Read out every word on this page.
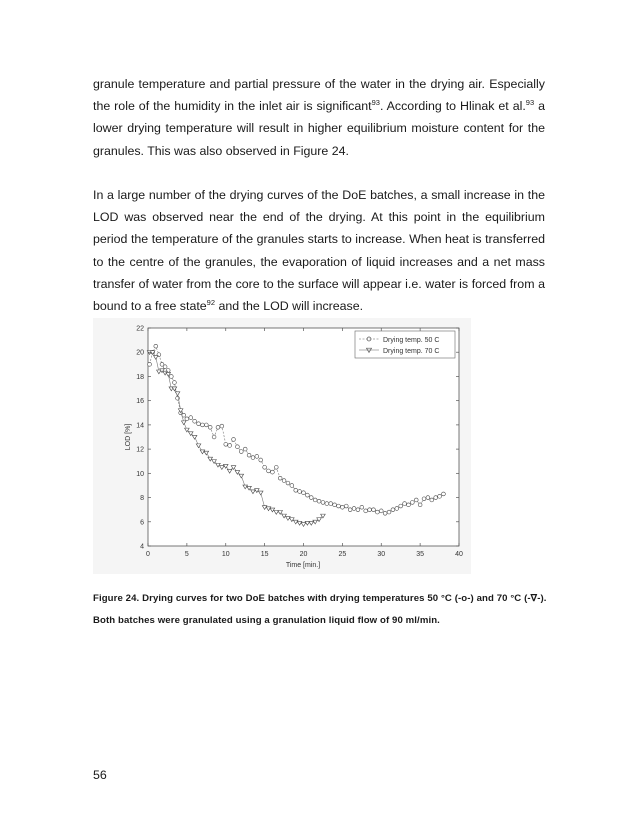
granule temperature and partial pressure of the water in the drying air. Especially the role of the humidity in the inlet air is significant$^{93}$. According to Hlinak et al.$^{93}$ a lower drying temperature will result in higher equilibrium moisture content for the granules. This was also observed in Figure 24.

In a large number of the drying curves of the DoE batches, a small increase in the LOD was observed near the end of the drying. At this point in the equilibrium period the temperature of the granules starts to increase. When heat is transferred to the centre of the granules, the evaporation of liquid increases and a net mass transfer of water from the core to the surface will appear i.e. water is forced from a bound to a free state$^{92}$ and the LOD will increase.

0	5	10	15	20	25	30	35	40
4
6
8
10
12
14
16
18
20
22
Drying temp. 50 C
Drying temp. 70 C
Time [min.]
LOD [%]

Figure 24. Drying curves for two DoE batches with drying temperatures 50 °C (-o-) and 70 °C (-∇-). Both batches were granulated using a granulation liquid flow of 90 ml/min.

56
